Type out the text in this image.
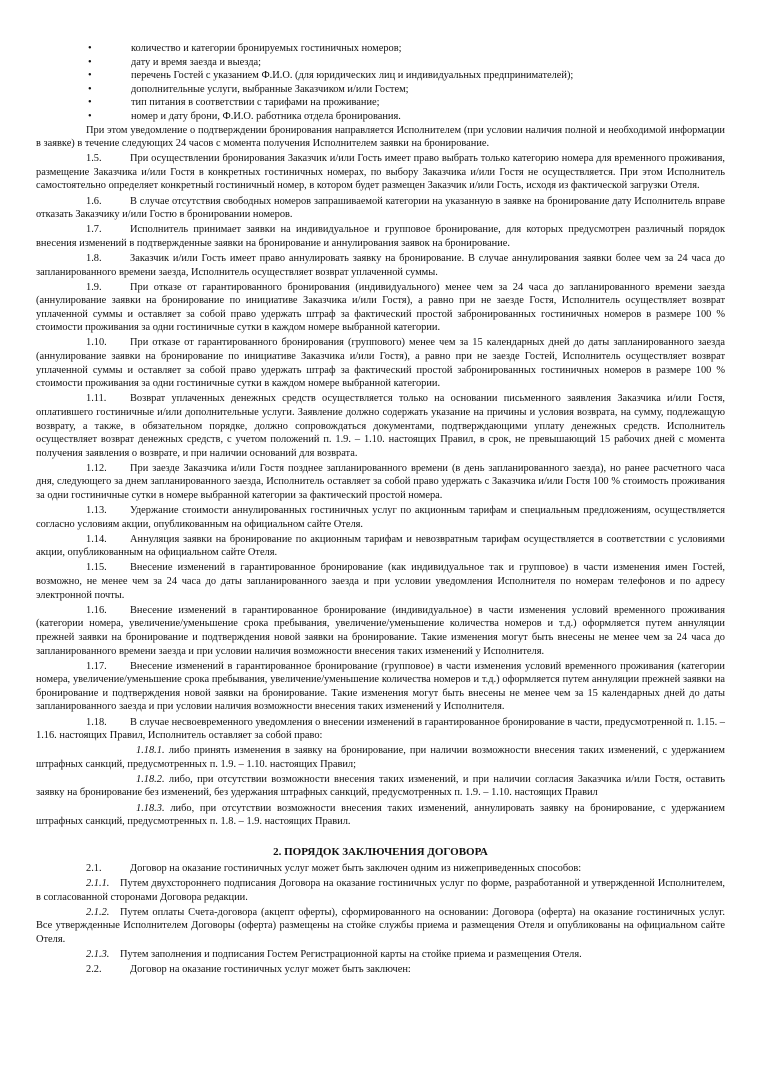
•	количество и категории бронируемых гостиничных номеров;
•	дату и время заезда и выезда;
•	перечень Гостей с указанием Ф.И.О. (для юридических лиц и индивидуальных предпринимателей);
•	дополнительные услуги, выбранные Заказчиком и/или Гостем;
•	тип питания в соответствии с тарифами на проживание;
•	номер и дату брони, Ф.И.О. работника отдела бронирования.

При этом уведомление о подтверждении бронирования направляется Исполнителем (при условии наличия полной и необходимой информации в заявке) в течение следующих 24 часов с момента получения Исполнителем заявки на бронирование.

1.5.	При осуществлении бронирования Заказчик и/или Гость имеет право выбрать только категорию номера для временного проживания, размещение Заказчика и/или Гостя в конкретных гостиничных номерах, по выбору Заказчика и/или Гостя не осуществляется. При этом Исполнитель самостоятельно определяет конкретный гостиничный номер, в котором будет размещен Заказчик и/или Гость, исходя из фактической загрузки Отеля.

1.6.	В случае отсутствия свободных номеров запрашиваемой категории на указанную в заявке на бронирование дату Исполнитель вправе отказать Заказчику и/или Гостю в бронировании номеров.

1.7.	Исполнитель принимает заявки на индивидуальное и групповое бронирование, для которых предусмотрен различный порядок внесения изменений в подтвержденные заявки на бронирование и аннулирования заявок на бронирование.

1.8.	Заказчик и/или Гость имеет право аннулировать заявку на бронирование. В случае аннулирования заявки более чем за 24 часа до запланированного времени заезда, Исполнитель осуществляет возврат уплаченной суммы.

1.9.	При отказе от гарантированного бронирования (индивидуального) менее чем за 24 часа до запланированного времени заезда (аннулирование заявки на бронирование по инициативе Заказчика и/или Гостя), а равно при не заезде Гостя, Исполнитель осуществляет возврат уплаченной суммы и оставляет за собой право удержать штраф за фактический простой забронированных гостиничных номеров в размере 100 % стоимости проживания за одни гостиничные сутки в каждом номере выбранной категории.

1.10. При отказе от гарантированного бронирования (группового) менее чем за 15 календарных дней до даты запланированного заезда (аннулирование заявки на бронирование по инициативе Заказчика и/или Гостя), а равно при не заезде Гостей, Исполнитель осуществляет возврат уплаченной суммы и оставляет за собой право удержать штраф за фактический простой забронированных гостиничных номеров в размере 100 % стоимости проживания за одни гостиничные сутки в каждом номере выбранной категории.

1.11. Возврат уплаченных денежных средств осуществляется только на основании письменного заявления Заказчика и/или Гостя, оплатившего гостиничные и/или дополнительные услуги. Заявление должно содержать указание на причины и условия возврата, на сумму, подлежащую возврату, а также, в обязательном порядке, должно сопровождаться документами, подтверждающими уплату денежных средств. Исполнитель осуществляет возврат денежных средств, с учетом положений п. 1.9. – 1.10. настоящих Правил, в срок, не превышающий 15 рабочих дней с момента получения заявления о возврате, и при наличии оснований для возврата.

1.12. При заезде Заказчика и/или Гостя позднее запланированного времени (в день запланированного заезда), но ранее расчетного часа дня, следующего за днем запланированного заезда, Исполнитель оставляет за собой право удержать с Заказчика и/или Гостя 100 % стоимость проживания за одни гостиничные сутки в номере выбранной категории за фактический простой номера.

1.13. Удержание стоимости аннулированных гостиничных услуг по акционным тарифам и специальным предложениям, осуществляется согласно условиям акции, опубликованным на официальном сайте Отеля.

1.14. Аннуляция заявки на бронирование по акционным тарифам и невозвратным тарифам осуществляется в соответствии с условиями акции, опубликованным на официальном сайте Отеля.

1.15. Внесение изменений в гарантированное бронирование (как индивидуальное так и групповое) в части изменения имен Гостей, возможно, не менее чем за 24 часа до даты запланированного заезда и при условии уведомления Исполнителя по номерам телефонов и по адресу электронной почты.

1.16. Внесение изменений в гарантированное бронирование (индивидуальное) в части изменения условий временного проживания (категории номера, увеличение/уменьшение срока пребывания, увеличение/уменьшение количества номеров и т.д.) оформляется путем аннуляции прежней заявки на бронирование и подтверждения новой заявки на бронирование. Такие изменения могут быть внесены не менее чем за 24 часа до запланированного времени заезда и при условии наличия возможности внесения таких изменений у Исполнителя.

1.17. Внесение изменений в гарантированное бронирование (групповое) в части изменения условий временного проживания (категории номера, увеличение/уменьшение срока пребывания, увеличение/уменьшение количества номеров и т.д.) оформляется путем аннуляции прежней заявки на бронирование и подтверждения новой заявки на бронирование. Такие изменения могут быть внесены не менее чем за 15 календарных дней до даты запланированного заезда и при условии наличия возможности внесения таких изменений у Исполнителя.

1.18. В случае несвоевременного уведомления о внесении изменений в гарантированное бронирование в части, предусмотренной п. 1.15. – 1.16. настоящих Правил, Исполнитель оставляет за собой право:

1.18.1. либо принять изменения в заявку на бронирование, при наличии возможности внесения таких изменений, с удержанием штрафных санкций, предусмотренных п. 1.9. – 1.10. настоящих Правил;

1.18.2. либо, при отсутствии возможности внесения таких изменений, и при наличии согласия Заказчика и/или Гостя, оставить заявку на бронирование без изменений, без удержания штрафных санкций, предусмотренных п. 1.9. – 1.10. настоящих Правил

1.18.3. либо, при отсутствии возможности внесения таких изменений, аннулировать заявку на бронирование, с удержанием штрафных санкций, предусмотренных п. 1.8. – 1.9. настоящих Правил.

2. ПОРЯДОК ЗАКЛЮЧЕНИЯ ДОГОВОРА

2.1.	Договор на оказание гостиничных услуг может быть заключен одним из нижеприведенных способов:

2.1.1. Путем двухстороннего подписания Договора на оказание гостиничных услуг по форме, разработанной и утвержденной Исполнителем, в согласованной сторонами Договора редакции.

2.1.2. Путем оплаты Счета-договора (акцепт оферты), сформированного на основании: Договора (оферта) на оказание гостиничных услуг. Все утвержденные Исполнителем Договоры (оферта) размещены на стойке службы приема и размещения Отеля и опубликованы на официальном сайте Отеля.

2.1.3. Путем заполнения и подписания Гостем Регистрационной карты на стойке приема и размещения Отеля.

2.2.	Договор на оказание гостиничных услуг может быть заключен:
